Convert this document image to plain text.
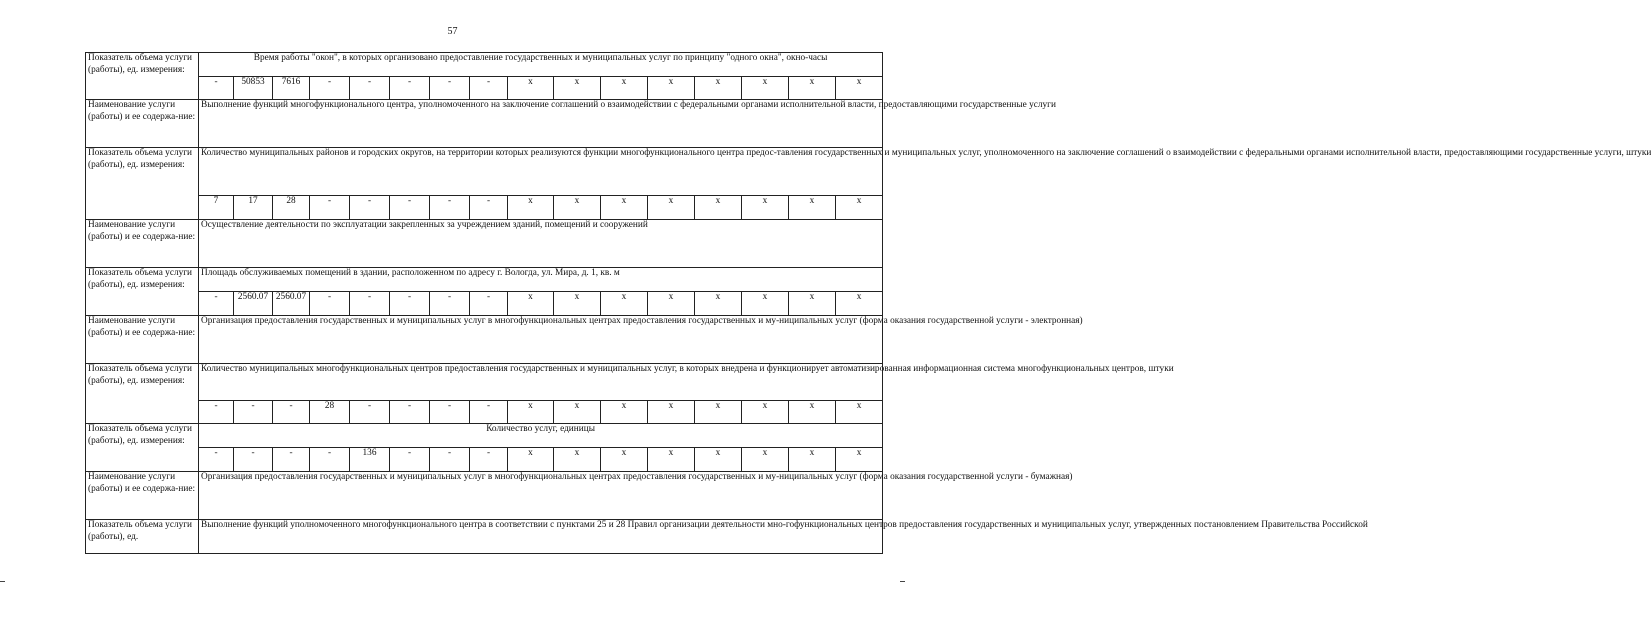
57
Показатель объема услуги (работы), ед. измерения:	Время работы "окон", в которых организовано предоставление государственных и муниципальных услуг по принципу "одного окна", окно-часы															
	-	50853	7616	-	-	-	-	-	x	x	x	x	x	x	x	x
Наименование услуги (работы) и ее содержа-ние:	Выполнение функций многофункционального центра, уполномоченного на заключение соглашений о взаимодействии с федеральными органами исполнительной власти, предоставляющими государственные услуги															
Показатель объема услуги (работы), ед. измерения:	Количество муниципальных районов и городских округов, на территории которых реализуются функции многофункционального центра предос-тавления государственных и муниципальных услуг, уполномоченного на заключение соглашений о взаимодействии с федеральными органами исполнительной власти, предоставляющими государственные услуги, штуки															
	7	17	28	-	-	-	-	-	x	x	x	x	x	x	x	x
Наименование услуги (работы) и ее содержа-ние:	Осуществление деятельности по эксплуатации закрепленных за учреждением зданий, помещений и сооружений															
Показатель объема услуги (работы), ед. измерения:	Площадь обслуживаемых помещений в здании, расположенном по адресу г. Вологда, ул. Мира, д. 1, кв. м															
	-	2560.07	2560.07	-	-	-	-	-	x	x	x	x	x	x	x	x
Наименование услуги (работы) и ее содержа-ние:	Организация предоставления государственных и муниципальных услуг в многофункциональных центрах предоставления государственных и му-ниципальных услуг (форма оказания государственной услуги - электронная)															
Показатель объема услуги (работы), ед. измерения:	Количество муниципальных многофункциональных центров предоставления государственных и муниципальных услуг, в которых внедрена и функционирует автоматизированная информационная система многофункциональных центров, штуки															
	-	-	-	28	-	-	-	-	x	x	x	x	x	x	x	x
Показатель объема услуги (работы), ед. измерения:	Количество услуг, единицы															
	-	-	-	-	136	-	-	-	x	x	x	x	x	x	x	x
Наименование услуги (работы) и ее содержа-ние:	Организация предоставления государственных и муниципальных услуг в многофункциональных центрах предоставления государственных и му-ниципальных услуг (форма оказания государственной услуги - бумажная)															
Показатель объема услуги (работы), ед.	Выполнение функций уполномоченного многофункционального центра в соответствии с пунктами 25 и 28 Правил организации деятельности мно-гофункциональных центров предоставления государственных и муниципальных услуг, утвержденных постановлением Правительства Российской															
